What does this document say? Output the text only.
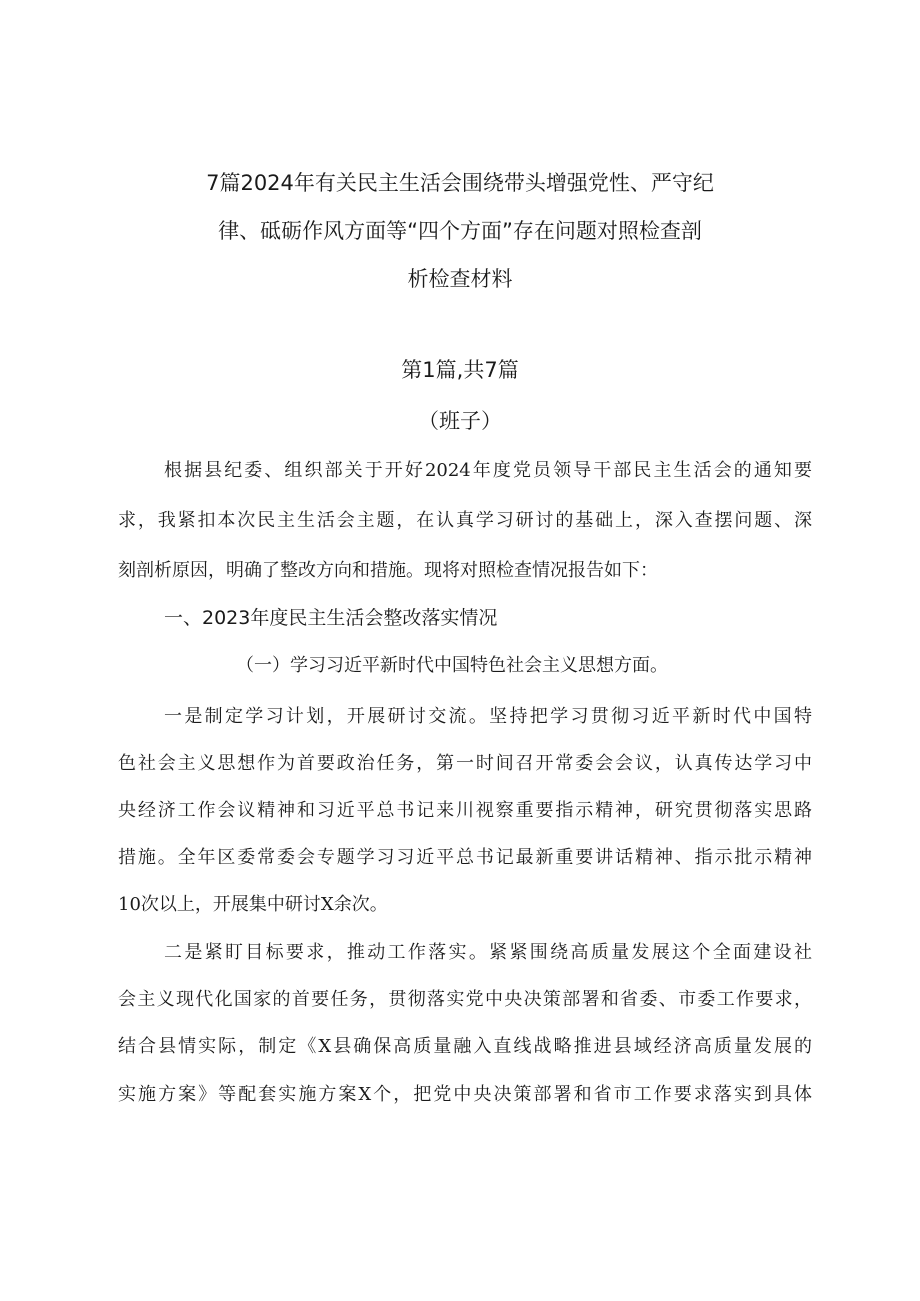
7篇2024年有关民主生活会围绕带头增强党性、严守纪
律、砥砺作风方面等“四个方面”存在问题对照检查剖
析检查材料
第1篇,共7篇
（班子）
根据县纪委、组织部关于开好2024年度党员领导干部民主生活会的通知要
求，我紧扣本次民主生活会主题，在认真学习研讨的基础上，深入查摆问题、深
刻剖析原因，明确了整改方向和措施。现将对照检查情况报告如下：
一、2023年度民主生活会整改落实情况
（一）学习习近平新时代中国特色社会主义思想方面。
一是制定学习计划，开展研讨交流。坚持把学习贯彻习近平新时代中国特
色社会主义思想作为首要政治任务，第一时间召开常委会会议，认真传达学习中
央经济工作会议精神和习近平总书记来川视察重要指示精神，研究贯彻落实思路
措施。全年区委常委会专题学习习近平总书记最新重要讲话精神、指示批示精神
10次以上，开展集中研讨X余次。
二是紧盯目标要求，推动工作落实。紧紧围绕高质量发展这个全面建设社
会主义现代化国家的首要任务，贯彻落实党中央决策部署和省委、市委工作要求，
结合县情实际，制定《X县确保高质量融入直线战略推进县域经济高质量发展的
实施方案》等配套实施方案X个，把党中央决策部署和省市工作要求落实到具体
